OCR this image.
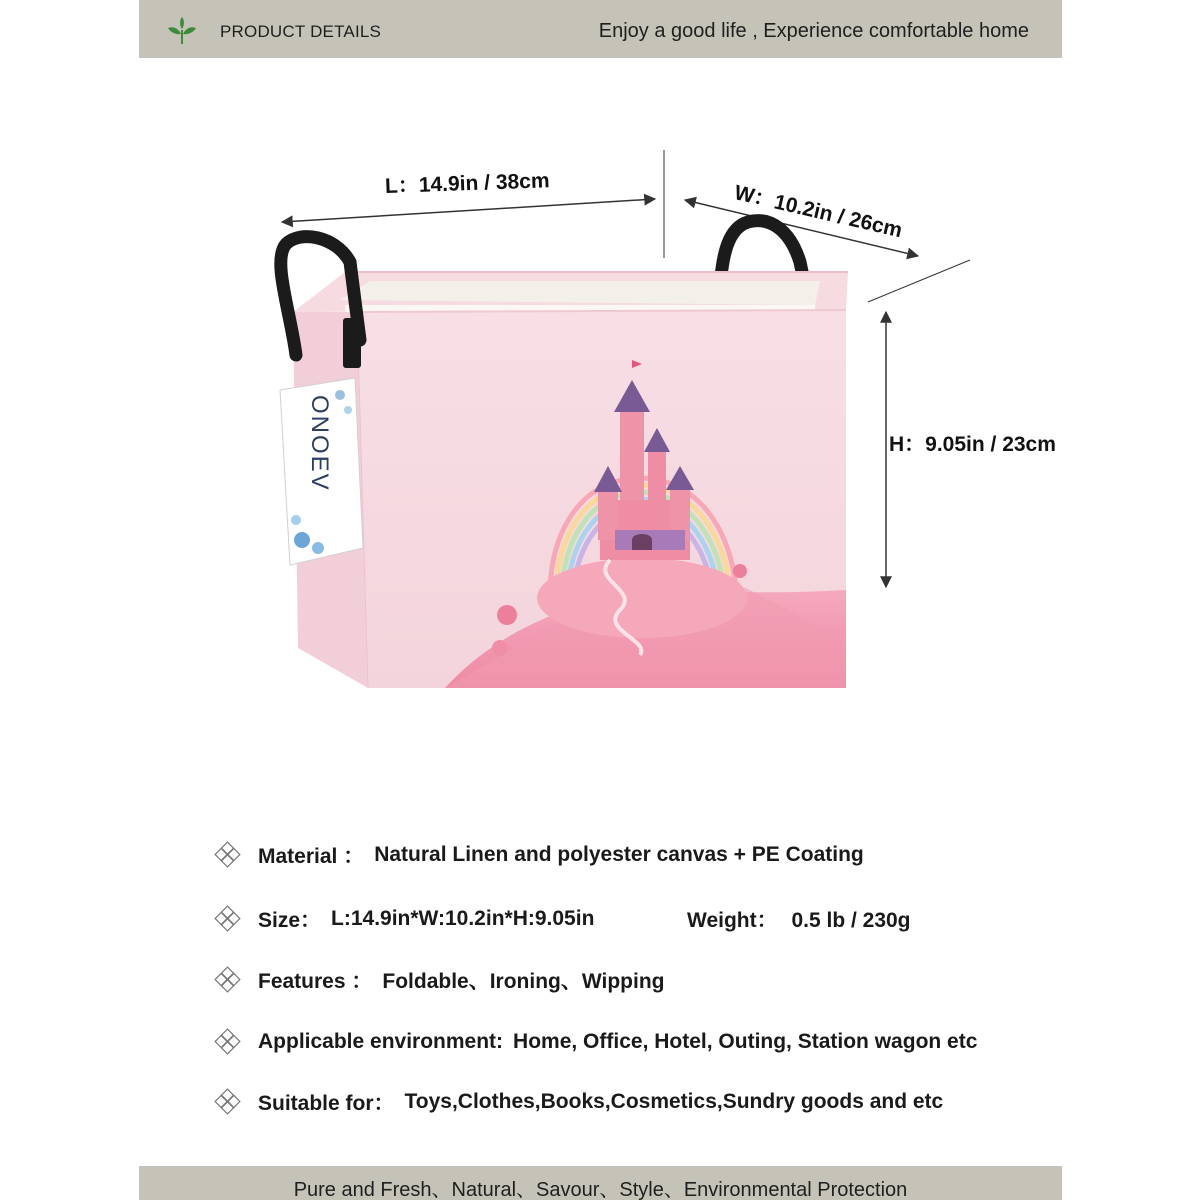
PRODUCT DETAILS	Enjoy a good life , Experience comfortable home
ONOEV
L：14.9in / 38cm	W：10.2in / 26cm
H：9.05in / 23cm
Material ： Natural Linen and polyester canvas + PE Coating
Size： L:14.9in*W:10.2in*H:9.05in	Weight： 0.5 lb / 230g
Features ： Foldable、Ironing、Wipping
Applicable environment: Home, Office, Hotel, Outing, Station wagon etc
Suitable for： Toys,Clothes,Books,Cosmetics,Sundry goods and etc
Pure and Fresh、Natural、Savour、Style、Environmental Protection
